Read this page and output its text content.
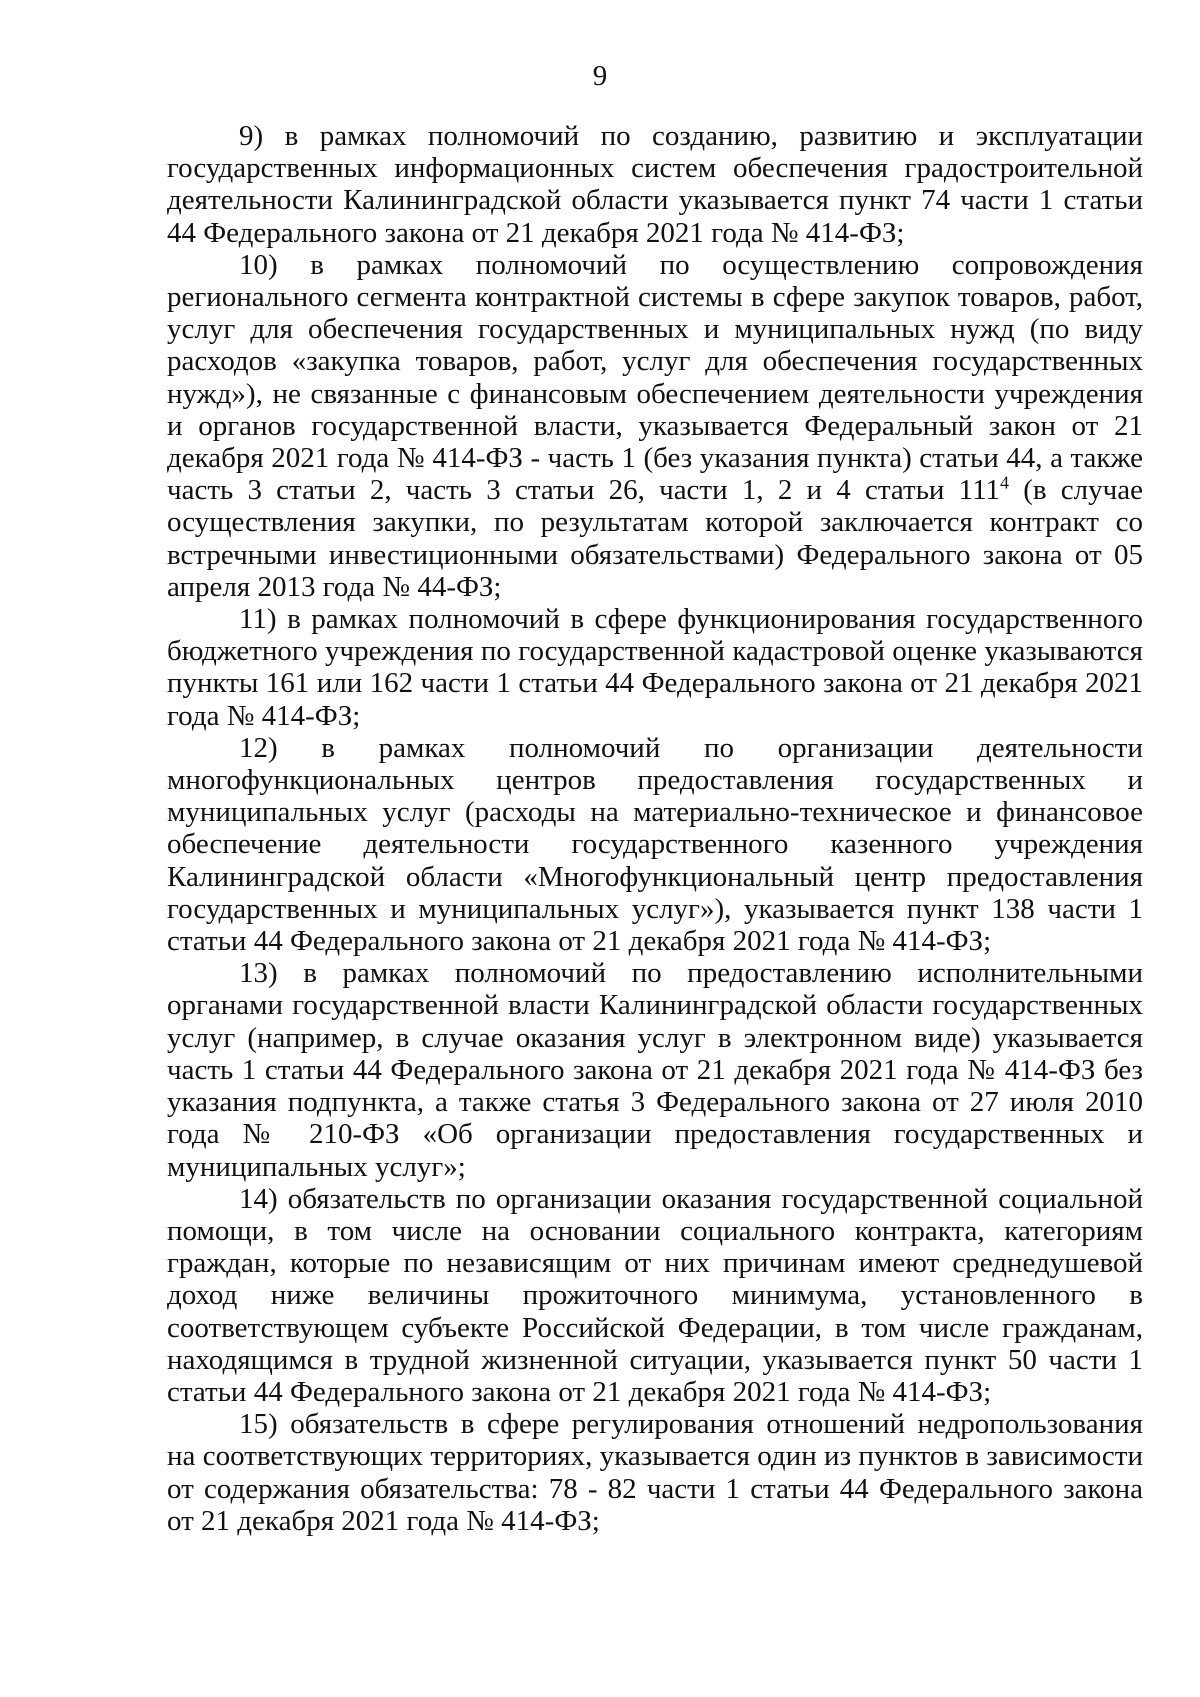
9

9) в рамках полномочий по созданию, развитию и эксплуатации государственных информационных систем обеспечения градостроительной деятельности Калининградской области указывается пункт 74 части 1 статьи 44 Федерального закона от 21 декабря 2021 года № 414-ФЗ;

10) в рамках полномочий по осуществлению сопровождения регионального сегмента контрактной системы в сфере закупок товаров, работ, услуг для обеспечения государственных и муниципальных нужд (по виду расходов «закупка товаров, работ, услуг для обеспечения государственных нужд»), не связанные с финансовым обеспечением деятельности учреждения и органов государственной власти, указывается Федеральный закон от 21 декабря 2021 года № 414-ФЗ - часть 1 (без указания пункта) статьи 44, а также часть 3 статьи 2, часть 3 статьи 26, части 1, 2 и 4 статьи $111^4$ (в случае осуществления закупки, по результатам которой заключается контракт со встречными инвестиционными обязательствами) Федерального закона от 05 апреля 2013 года № 44-ФЗ;

11) в рамках полномочий в сфере функционирования государственного бюджетного учреждения по государственной кадастровой оценке указываются пункты 161 или 162 части 1 статьи 44 Федерального закона от 21 декабря 2021 года № 414-ФЗ;

12) в рамках полномочий по организации деятельности многофункциональных центров предоставления государственных и муниципальных услуг (расходы на материально-техническое и финансовое обеспечение деятельности государственного казенного учреждения Калининградской области «Многофункциональный центр предоставления государственных и муниципальных услуг»), указывается пункт 138 части 1 статьи 44 Федерального закона от 21 декабря 2021 года № 414-ФЗ;

13) в рамках полномочий по предоставлению исполнительными органами государственной власти Калининградской области государственных услуг (например, в случае оказания услуг в электронном виде) указывается часть 1 статьи 44 Федерального закона от 21 декабря 2021 года № 414-ФЗ без указания подпункта, а также статья 3 Федерального закона от 27 июля 2010 года № 210-ФЗ «Об организации предоставления государственных и муниципальных услуг»;

14) обязательств по организации оказания государственной социальной помощи, в том числе на основании социального контракта, категориям граждан, которые по независящим от них причинам имеют среднедушевой доход ниже величины прожиточного минимума, установленного в соответствующем субъекте Российской Федерации, в том числе гражданам, находящимся в трудной жизненной ситуации, указывается пункт 50 части 1 статьи 44 Федерального закона от 21 декабря 2021 года № 414-ФЗ;

15) обязательств в сфере регулирования отношений недропользования на соответствующих территориях, указывается один из пунктов в зависимости от содержания обязательства: 78 - 82 части 1 статьи 44 Федерального закона от 21 декабря 2021 года № 414-ФЗ;
